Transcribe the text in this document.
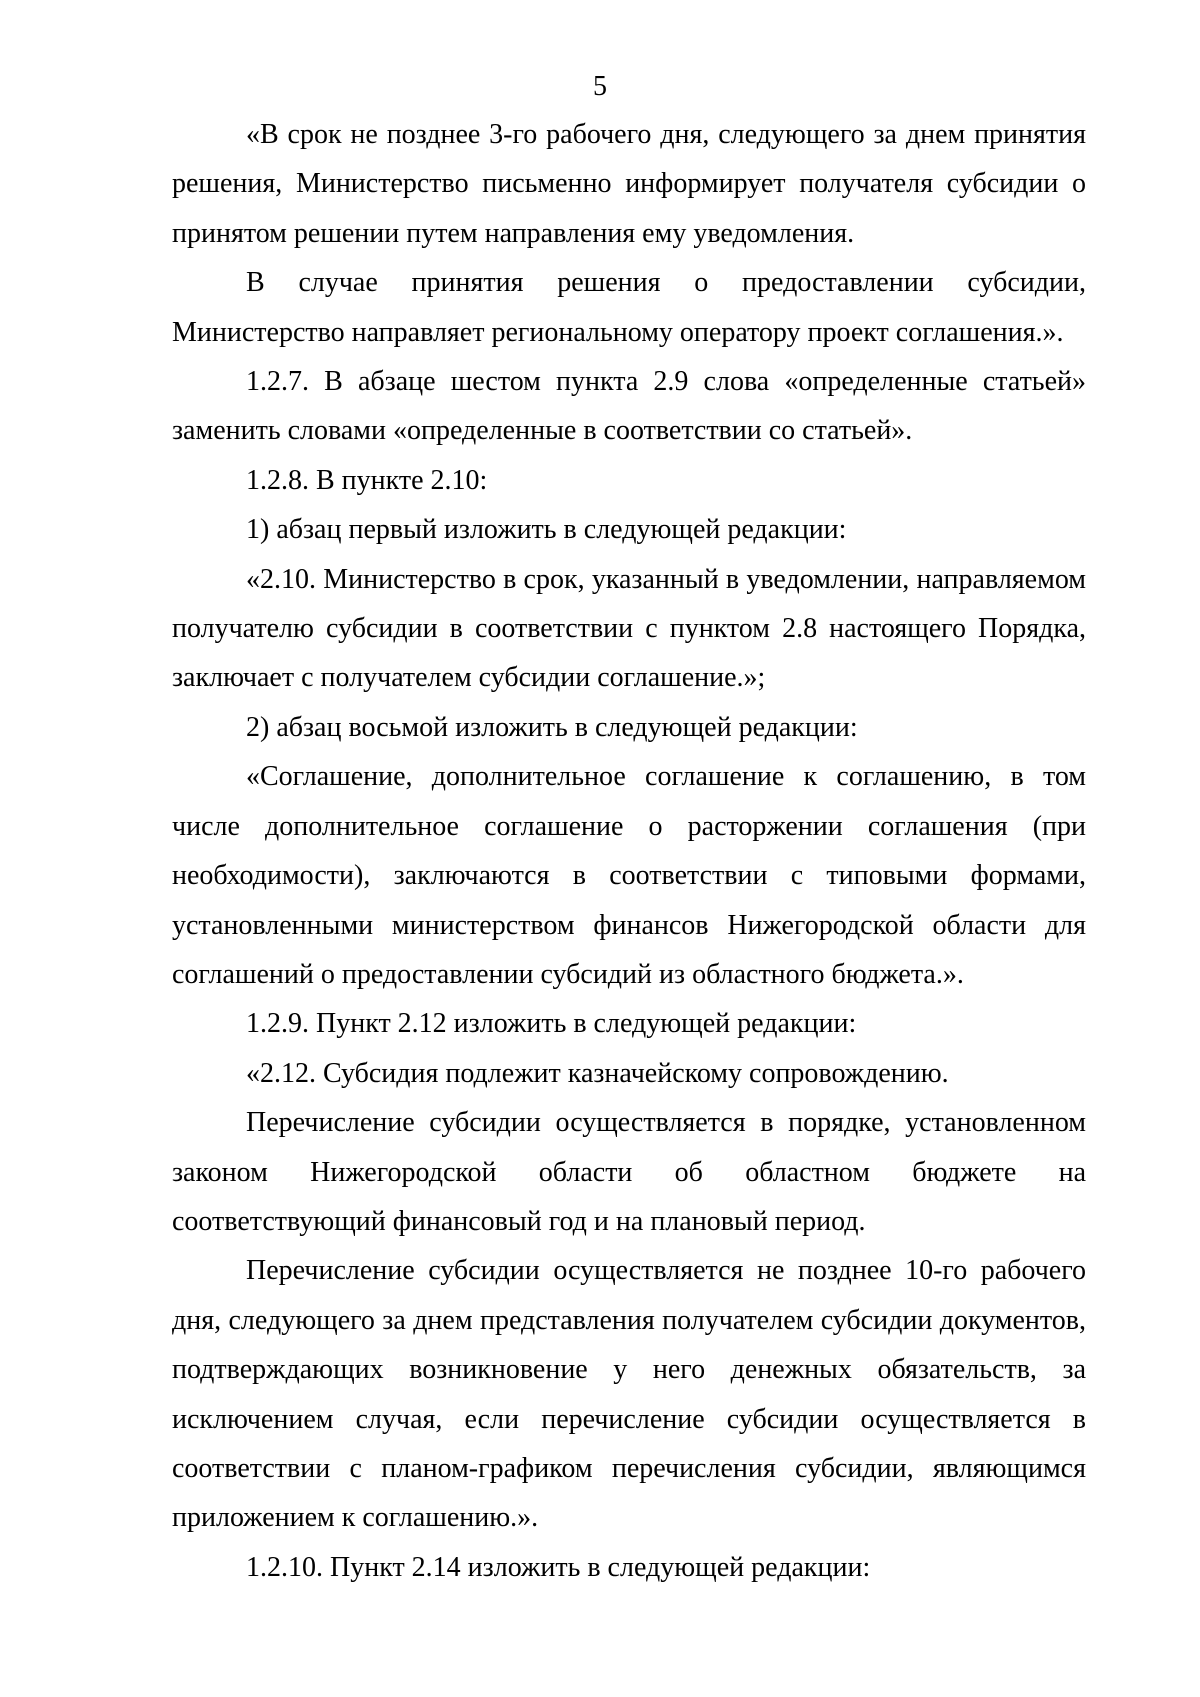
5

«В срок не позднее 3-го рабочего дня, следующего за днем принятия решения, Министерство письменно информирует получателя субсидии о принятом решении путем направления ему уведомления.

В случае принятия решения о предоставлении субсидии, Министерство направляет региональному оператору проект соглашения.».

1.2.7. В абзаце шестом пункта 2.9 слова «определенные статьей» заменить словами «определенные в соответствии со статьей».

1.2.8. В пункте 2.10:

1) абзац первый изложить в следующей редакции:

«2.10. Министерство в срок, указанный в уведомлении, направляемом получателю субсидии в соответствии с пунктом 2.8 настоящего Порядка, заключает с получателем субсидии соглашение.»;

2) абзац восьмой изложить в следующей редакции:

«Соглашение, дополнительное соглашение к соглашению, в том числе дополнительное соглашение о расторжении соглашения (при необходимости), заключаются в соответствии с типовыми формами, установленными министерством финансов Нижегородской области для соглашений о предоставлении субсидий из областного бюджета.».

1.2.9. Пункт 2.12 изложить в следующей редакции:

«2.12. Субсидия подлежит казначейскому сопровождению.

Перечисление субсидии осуществляется в порядке, установленном законом Нижегородской области об областном бюджете на соответствующий финансовый год и на плановый период.

Перечисление субсидии осуществляется не позднее 10-го рабочего дня, следующего за днем представления получателем субсидии документов, подтверждающих возникновение у него денежных обязательств, за исключением случая, если перечисление субсидии осуществляется в соответствии с планом-графиком перечисления субсидии, являющимся приложением к соглашению.».

1.2.10. Пункт 2.14 изложить в следующей редакции:
